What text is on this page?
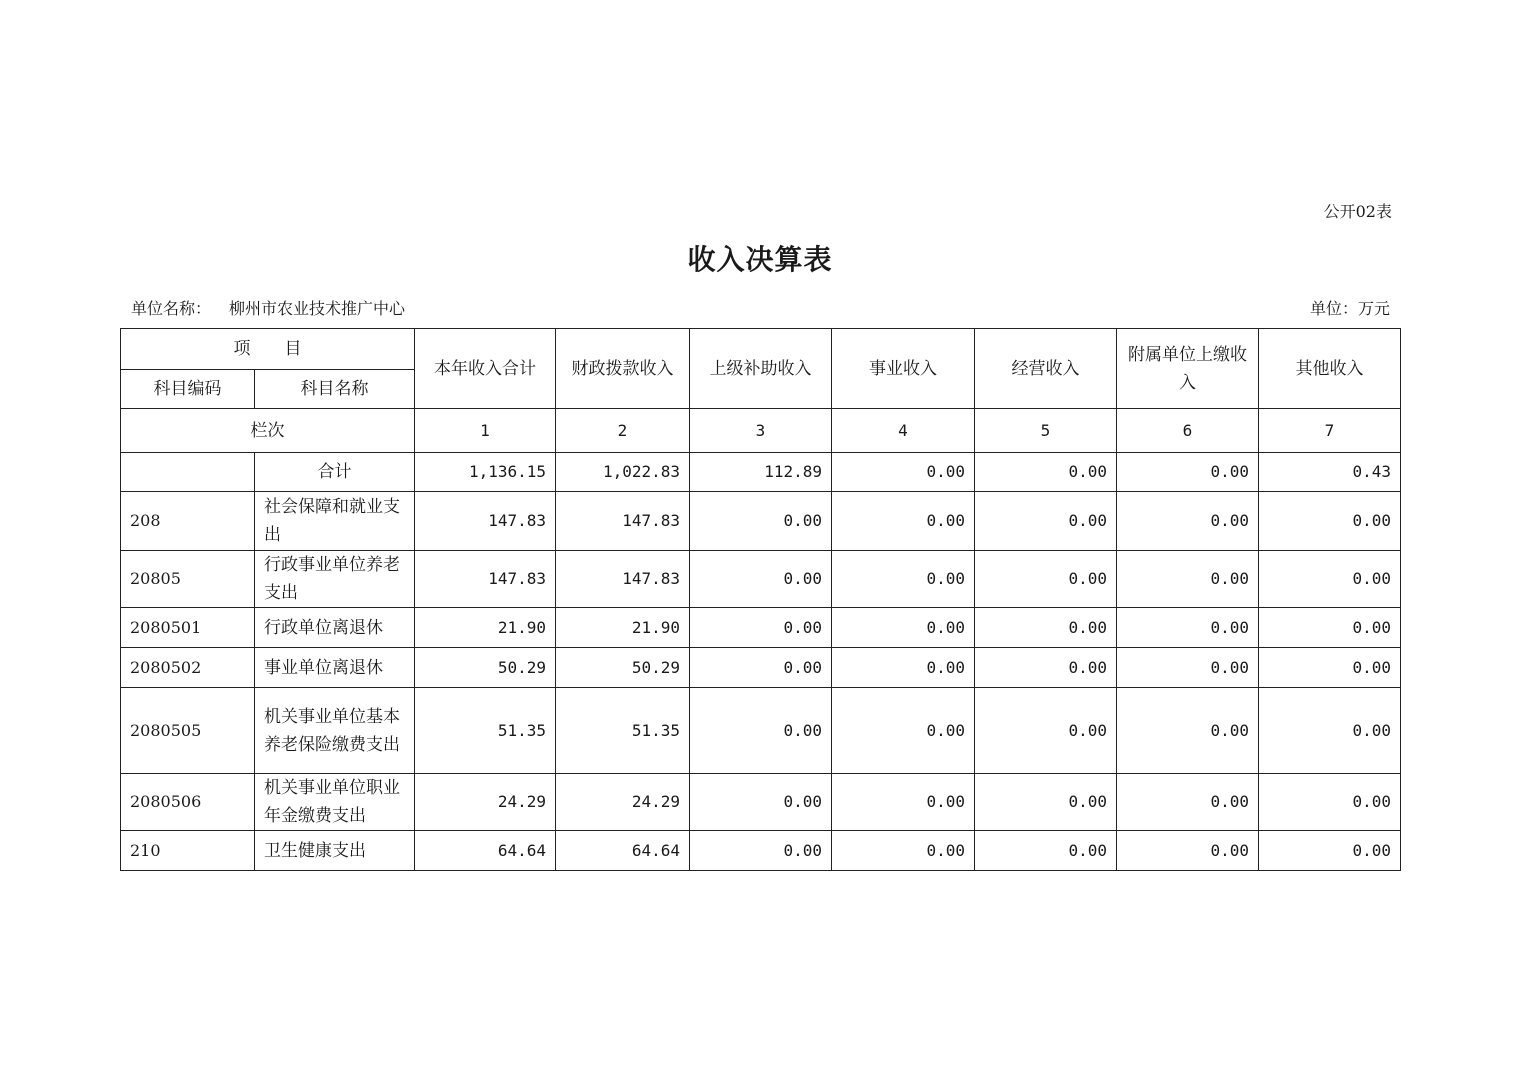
公开02表
收入决算表
单位名称： 柳州市农业技术推广中心	单位：万元
项　　目		本年收入合计	财政拨款收入	上级补助收入	事业收入	经营收入	附属单位上缴收入	其他收入
科目编码	科目名称							
栏次		1	2	3	4	5	6	7
	合计	1,136.15	1,022.83	112.89	0.00	0.00	0.00	0.43
208	社会保障和就业支出	147.83	147.83	0.00	0.00	0.00	0.00	0.00
20805	行政事业单位养老支出	147.83	147.83	0.00	0.00	0.00	0.00	0.00
2080501	行政单位离退休	21.90	21.90	0.00	0.00	0.00	0.00	0.00
2080502	事业单位离退休	50.29	50.29	0.00	0.00	0.00	0.00	0.00
2080505	机关事业单位基本养老保险缴费支出	51.35	51.35	0.00	0.00	0.00	0.00	0.00
2080506	机关事业单位职业年金缴费支出	24.29	24.29	0.00	0.00	0.00	0.00	0.00
210	卫生健康支出	64.64	64.64	0.00	0.00	0.00	0.00	0.00
